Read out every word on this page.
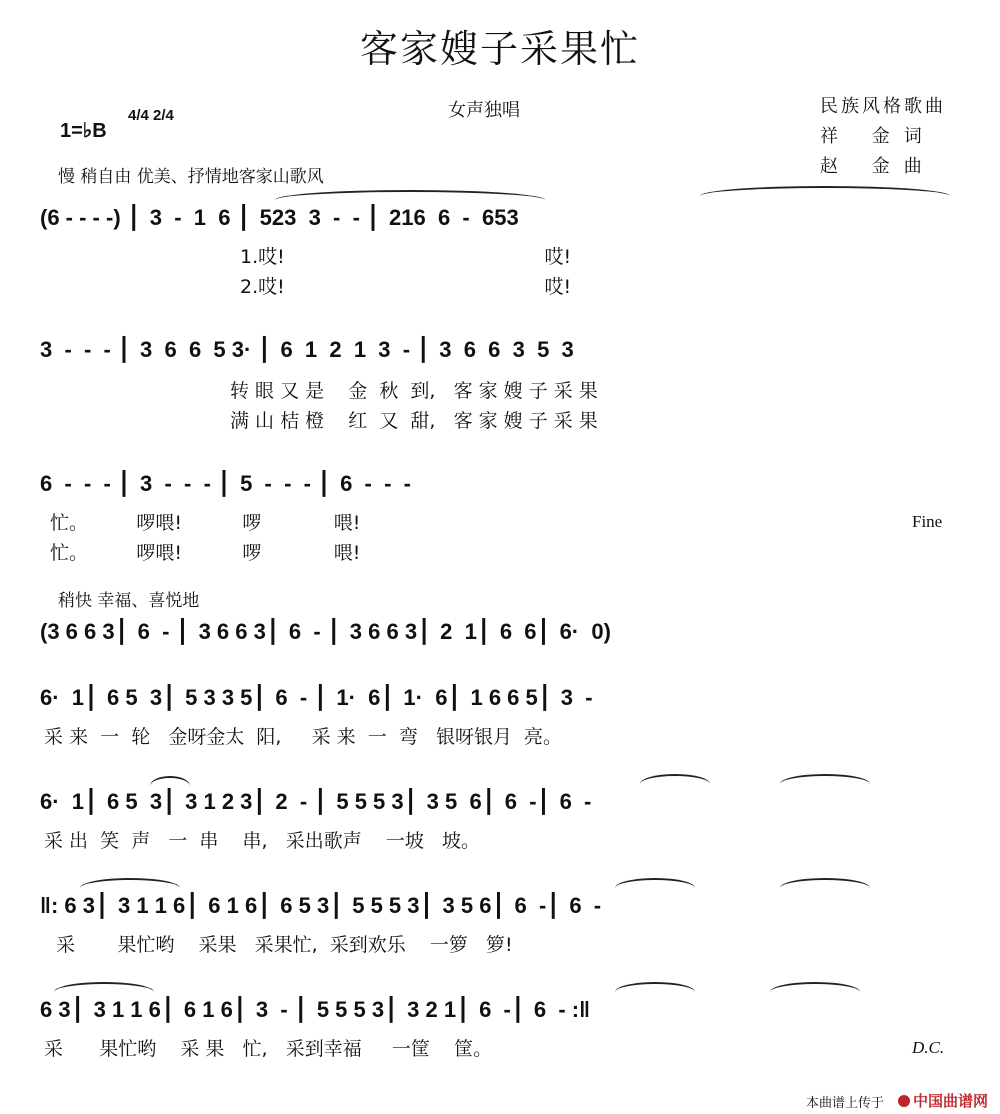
客家嫂子采果忙
女声独唱	民族风格歌曲
祥 金词
赵 金曲
1=♭B
4/4 2/4
慢 稍自由 优美、抒情地客家山歌风
(6 - - - -)  ▏3  -  1  6  ▏523  3  -  -  ▏216  6  -  653
1.哎!                                           哎!
2.哎!                                           哎!
3  -  -  -  ▏3  6  6  5 3·  ▏6  1  2  1  3  -  ▏3  6  6  3  5  3
转 眼 又 是    金  秋  到,   客 家 嫂 子 采 果
满 山 桔 橙    红  又  甜,   客 家 嫂 子 采 果
6  -  -  -  ▏3  -  -  -  ▏5  -  -  -  ▏6  -  -  -
忙。        啰喂!          啰            喂!
忙。        啰喂!          啰            喂!
Fine
稍快 幸福、喜悦地
(3 6 6 3 ▏6  -  ▏3 6 6 3 ▏6  -  ▏3 6 6 3 ▏2  1 ▏6  6 ▏6·  0)
6·  1 ▏6 5  3 ▏5 3 3 5 ▏6  -  ▏1·  6 ▏1·  6 ▏1 6 6 5 ▏3  -
采 来  一  轮   金呀金太  阳,     采 来  一  弯   银呀银月  亮。
6·  1 ▏6 5  3 ▏3 1 2 3 ▏2  -  ▏5 5 5 3 ▏3 5  6 ▏6  - ▏6  -
采 出  笑  声   一  串    串,   采出歌声    一坡   坡。
‖: 6 3 ▏3 1 1 6 ▏6 1 6 ▏6 5 3 ▏5 5 5 3 ▏3 5 6 ▏6  - ▏6  -
采       果忙哟    采果   采果忙,  采到欢乐    一箩   箩!
6 3 ▏3 1 1 6 ▏6 1 6 ▏3  -  ▏5 5 5 3 ▏3 2 1 ▏6  - ▏6  - :‖
采      果忙哟    采 果   忙,   采到幸福     一筐    筐。	D.C.
本曲谱上传于	中国曲谱网
